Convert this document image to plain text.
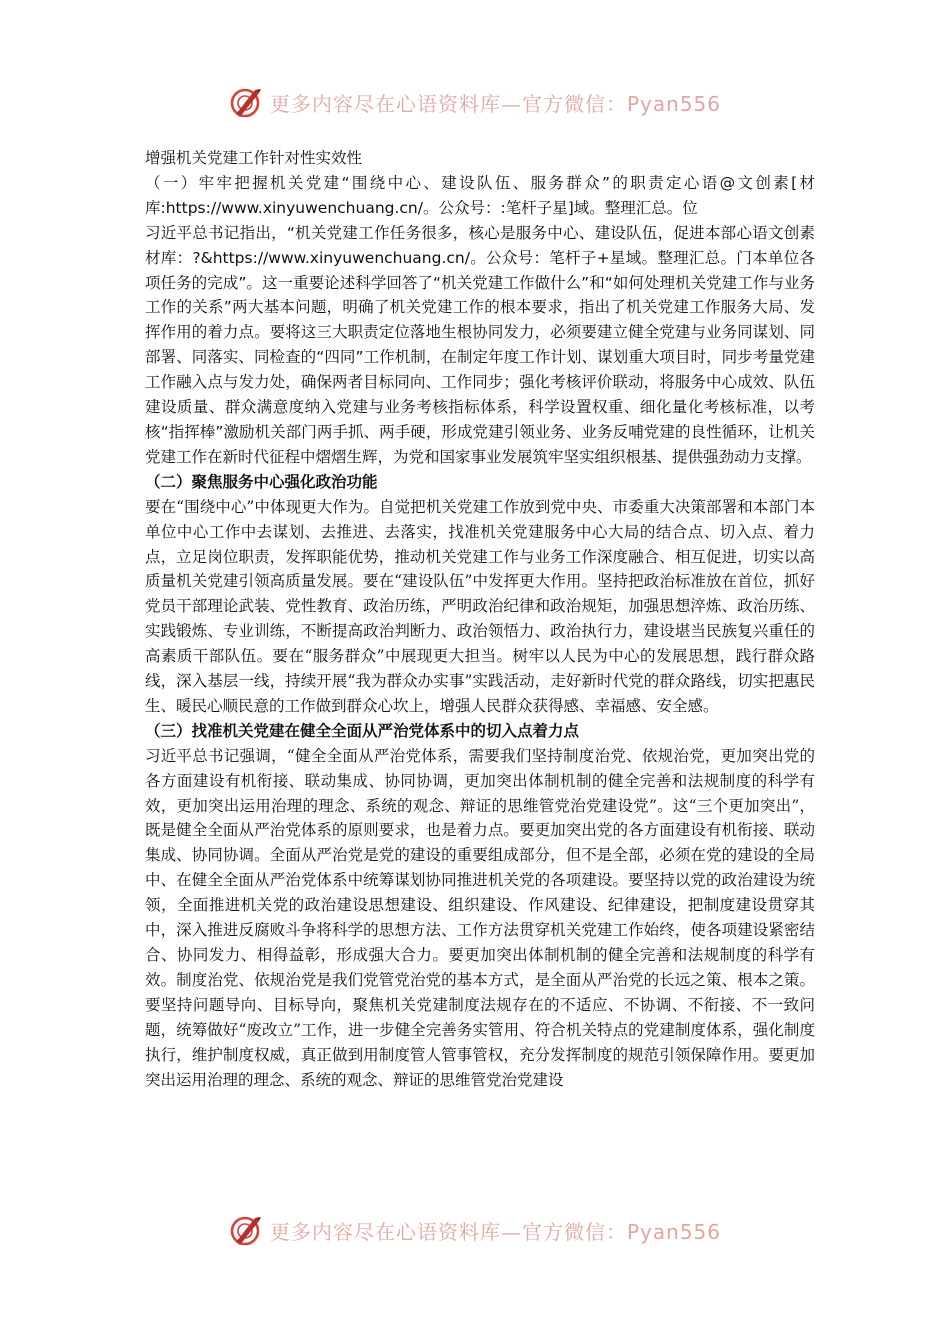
更多内容尽在心语资料库—官方微信：Pyan556

增强机关党建工作针对性实效性

（一）牢牢把握机关党建“围绕中心、建设队伍、服务群众”的职责定心语@文创素[材库:https://www.xinyuwenchuang.cn/。公众号：:笔杆子星]域。整理汇总。位

习近平总书记指出，“机关党建工作任务很多，核心是服务中心、建设队伍，促进本部心语文创素材库：?&https://www.xinyuwenchuang.cn/。公众号：笔杆子+星域。整理汇总。门本单位各项任务的完成”。这一重要论述科学回答了“机关党建工作做什么”和“如何处理机关党建工作与业务工作的关系”两大基本问题，明确了机关党建工作的根本要求，指出了机关党建工作服务大局、发挥作用的着力点。要将这三大职责定位落地生根协同发力，必须要建立健全党建与业务同谋划、同部署、同落实、同检查的“四同”工作机制，在制定年度工作计划、谋划重大项目时，同步考量党建工作融入点与发力处，确保两者目标同向、工作同步；强化考核评价联动，将服务中心成效、队伍建设质量、群众满意度纳入党建与业务考核指标体系，科学设置权重、细化量化考核标准，以考核“指挥棒”激励机关部门两手抓、两手硬，形成党建引领业务、业务反哺党建的良性循环，让机关党建工作在新时代征程中熠熠生辉，为党和国家事业发展筑牢坚实组织根基、提供强劲动力支撑。

（二）聚焦服务中心强化政治功能

要在“围绕中心”中体现更大作为。自觉把机关党建工作放到党中央、市委重大决策部署和本部门本单位中心工作中去谋划、去推进、去落实，找准机关党建服务中心大局的结合点、切入点、着力点，立足岗位职责，发挥职能优势，推动机关党建工作与业务工作深度融合、相互促进，切实以高质量机关党建引领高质量发展。要在“建设队伍”中发挥更大作用。坚持把政治标准放在首位，抓好党员干部理论武装、党性教育、政治历练，严明政治纪律和政治规矩，加强思想淬炼、政治历练、实践锻炼、专业训练，不断提高政治判断力、政治领悟力、政治执行力，建设堪当民族复兴重任的高素质干部队伍。要在“服务群众”中展现更大担当。树牢以人民为中心的发展思想，践行群众路线，深入基层一线，持续开展“我为群众办实事”实践活动，走好新时代党的群众路线，切实把惠民生、暖民心顺民意的工作做到群众心坎上，增强人民群众获得感、幸福感、安全感。

（三）找准机关党建在健全全面从严治党体系中的切入点着力点

习近平总书记强调，“健全全面从严治党体系，需要我们坚持制度治党、依规治党，更加突出党的各方面建设有机衔接、联动集成、协同协调，更加突出体制机制的健全完善和法规制度的科学有效，更加突出运用治理的理念、系统的观念、辩证的思维管党治党建设党”。这“三个更加突出”，既是健全全面从严治党体系的原则要求，也是着力点。要更加突出党的各方面建设有机衔接、联动集成、协同协调。全面从严治党是党的建设的重要组成部分，但不是全部，必须在党的建设的全局中、在健全全面从严治党体系中统筹谋划协同推进机关党的各项建设。要坚持以党的政治建设为统领，全面推进机关党的政治建设思想建设、组织建设、作风建设、纪律建设，把制度建设贯穿其中，深入推进反腐败斗争将科学的思想方法、工作方法贯穿机关党建工作始终，使各项建设紧密结合、协同发力、相得益彰，形成强大合力。要更加突出体制机制的健全完善和法规制度的科学有效。制度治党、依规治党是我们党管党治党的基本方式，是全面从严治党的长远之策、根本之策。要坚持问题导向、目标导向，聚焦机关党建制度法规存在的不适应、不协调、不衔接、不一致问题，统筹做好“废改立”工作，进一步健全完善务实管用、符合机关特点的党建制度体系，强化制度执行，维护制度权威，真正做到用制度管人管事管权，充分发挥制度的规范引领保障作用。要更加突出运用治理的理念、系统的观念、辩证的思维管党治党建设

更多内容尽在心语资料库—官方微信：Pyan556
